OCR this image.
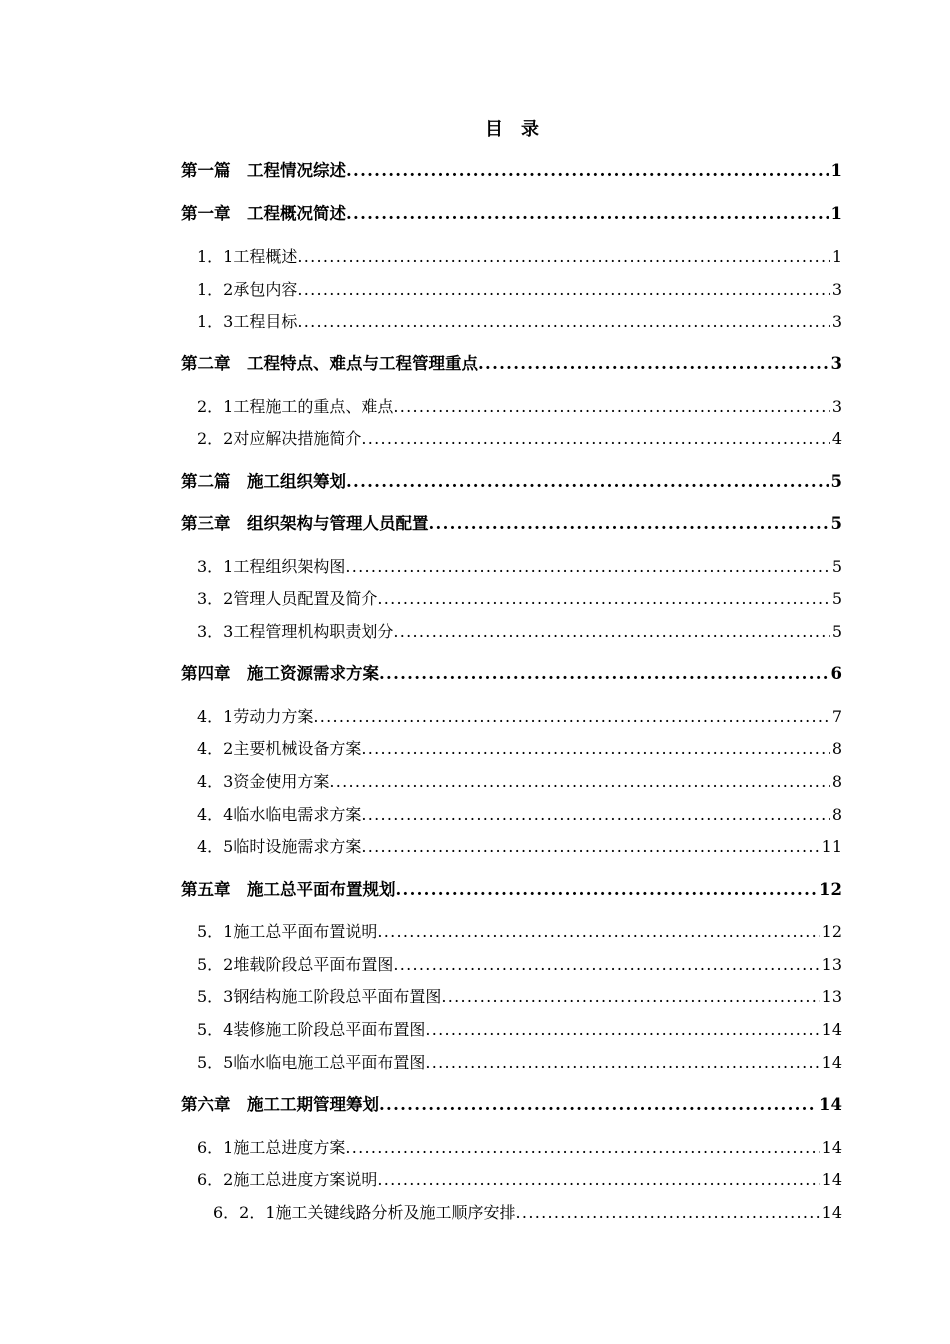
目　录
第一篇　工程情况综述 .....	1
第一章　工程概况简述 .....	1
1．1工程概述 .....	1
1．2承包内容 .....	3
1．3工程目标 .....	3
第二章　工程特点、难点与工程管理重点 .....	3
2．1工程施工的重点、难点 .....	3
2．2对应解决措施简介 .....	4
第二篇　施工组织筹划 .....	5
第三章　组织架构与管理人员配置 .....	5
3．1工程组织架构图 .....	5
3．2管理人员配置及简介 .....	5
3．3工程管理机构职责划分 .....	5
第四章　施工资源需求方案 .....	6
4．1劳动力方案 .....	7
4．2主要机械设备方案 .....	8
4．3资金使用方案 .....	8
4．4临水临电需求方案 .....	8
4．5临时设施需求方案 .....	11
第五章　施工总平面布置规划 .....	12
5．1施工总平面布置说明 .....	12
5．2堆载阶段总平面布置图 .....	13
5．3钢结构施工阶段总平面布置图 .....	13
5．4装修施工阶段总平面布置图 .....	14
5．5临水临电施工总平面布置图 .....	14
第六章　施工工期管理筹划 .....	14
6．1施工总进度方案 .....	14
6．2施工总进度方案说明 .....	14
6．2．1施工关键线路分析及施工顺序安排 .....	14
